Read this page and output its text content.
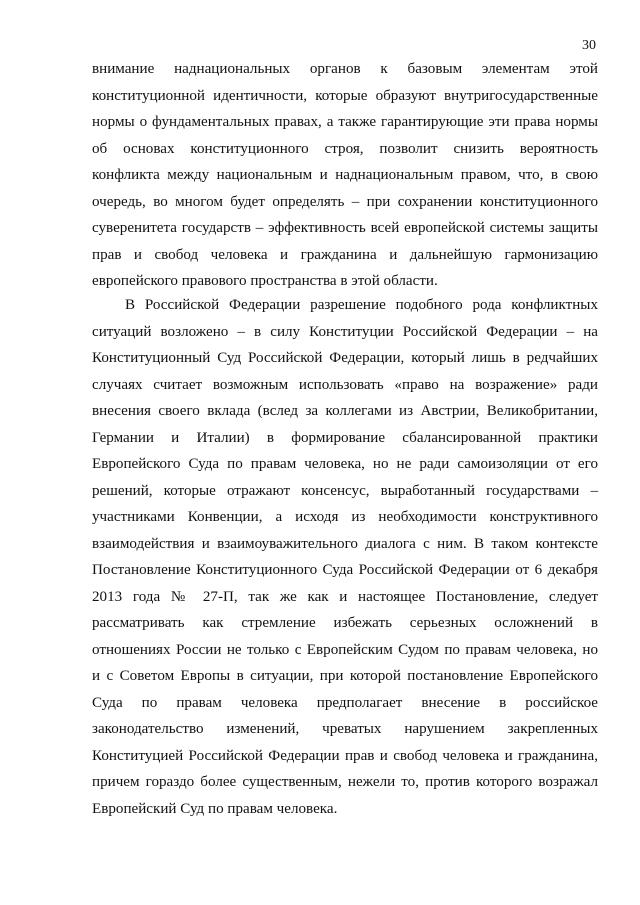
30
внимание наднациональных органов к базовым элементам этой
конституционной идентичности, которые образуют внутригосударственные
нормы о фундаментальных правах, а также гарантирующие эти права нормы
об основах конституционного строя, позволит снизить вероятность
конфликта между национальным и наднациональным правом, что, в свою
очередь, во многом будет определять – при сохранении конституционного
суверенитета государств – эффективность всей европейской системы защиты
прав и свобод человека и гражданина и дальнейшую гармонизацию
европейского правового пространства в этой области.
В Российской Федерации разрешение подобного рода конфликтных
ситуаций возложено – в силу Конституции Российской Федерации – на
Конституционный Суд Российской Федерации, который лишь в редчайших
случаях считает возможным использовать «право на возражение» ради
внесения своего вклада (вслед за коллегами из Австрии, Великобритании,
Германии и Италии) в формирование сбалансированной практики
Европейского Суда по правам человека, но не ради самоизоляции от его
решений, которые отражают консенсус, выработанный государствами –
участниками Конвенции, а исходя из необходимости конструктивного
взаимодействия и взаимоуважительного диалога с ним. В таком контексте
Постановление Конституционного Суда Российской Федерации от 6 декабря
2013 года № 27-П, так же как и настоящее Постановление, следует
рассматривать как стремление избежать серьезных осложнений в
отношениях России не только с Европейским Судом по правам человека, но
и с Советом Европы в ситуации, при которой постановление Европейского
Суда по правам человека предполагает внесение в российское
законодательство изменений, чреватых нарушением закрепленных
Конституцией Российской Федерации прав и свобод человека и гражданина,
причем гораздо более существенным, нежели то, против которого возражал
Европейский Суд по правам человека.
